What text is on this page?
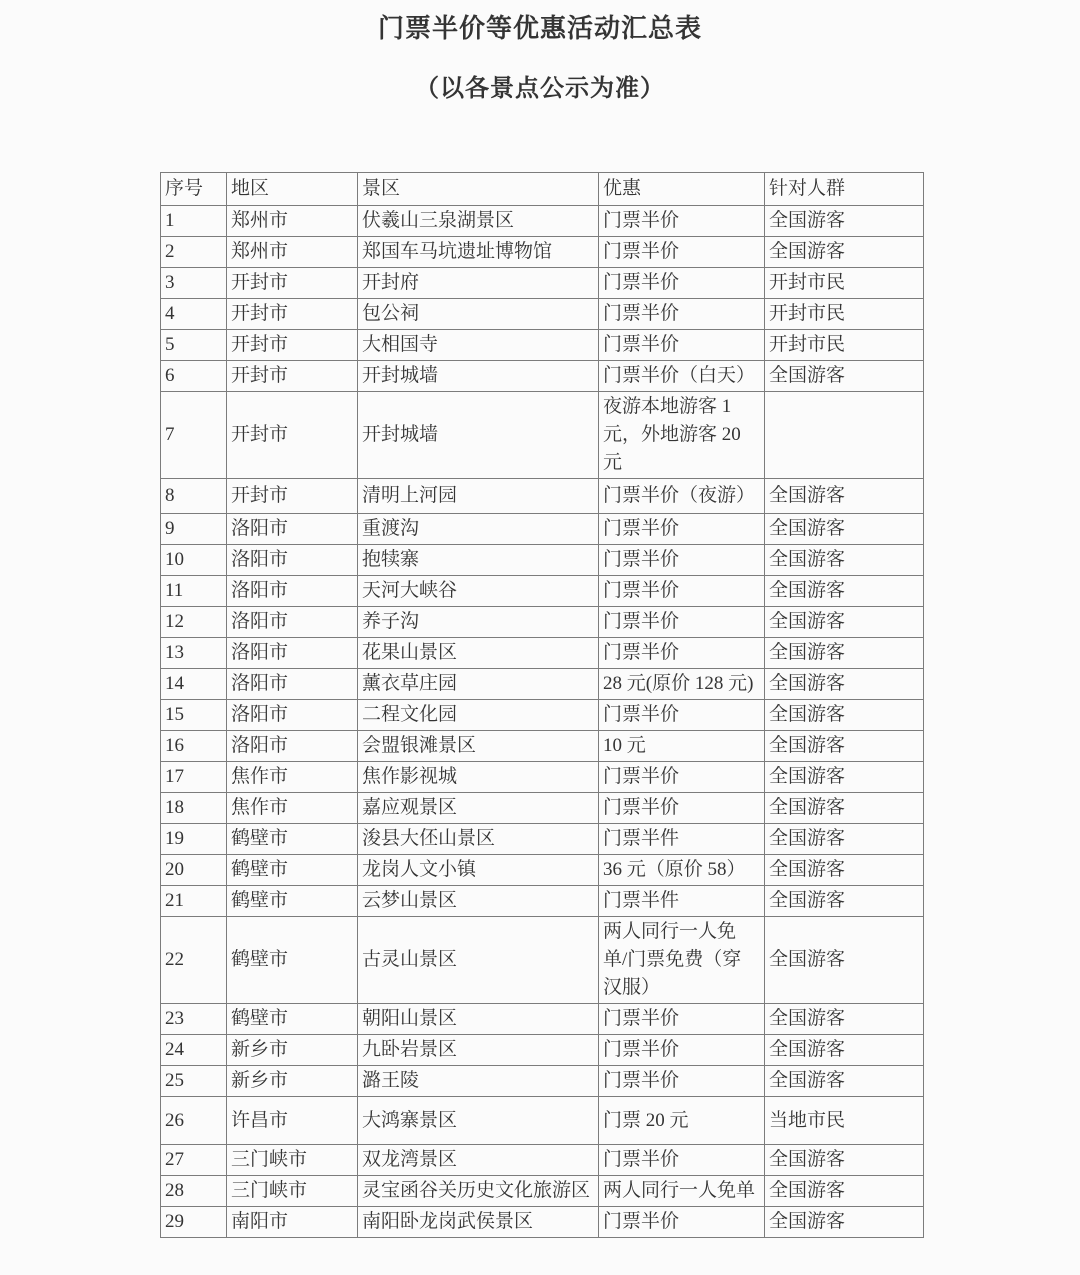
门票半价等优惠活动汇总表
（以各景点公示为准）
序号	地区	景区	优惠	针对人群
1	郑州市	伏羲山三泉湖景区	门票半价	全国游客
2	郑州市	郑国车马坑遗址博物馆	门票半价	全国游客
3	开封市	开封府	门票半价	开封市民
4	开封市	包公祠	门票半价	开封市民
5	开封市	大相国寺	门票半价	开封市民
6	开封市	开封城墙	门票半价（白天）	全国游客
7	开封市	开封城墙	夜游本地游客 1 元，外地游客 20 元	
8	开封市	清明上河园	门票半价（夜游）	全国游客
9	洛阳市	重渡沟	门票半价	全国游客
10	洛阳市	抱犊寨	门票半价	全国游客
11	洛阳市	天河大峡谷	门票半价	全国游客
12	洛阳市	养子沟	门票半价	全国游客
13	洛阳市	花果山景区	门票半价	全国游客
14	洛阳市	薰衣草庄园	28 元(原价 128 元)	全国游客
15	洛阳市	二程文化园	门票半价	全国游客
16	洛阳市	会盟银滩景区	10 元	全国游客
17	焦作市	焦作影视城	门票半价	全国游客
18	焦作市	嘉应观景区	门票半价	全国游客
19	鹤壁市	浚县大伾山景区	门票半件	全国游客
20	鹤壁市	龙岗人文小镇	36 元（原价 58）	全国游客
21	鹤壁市	云梦山景区	门票半件	全国游客
22	鹤壁市	古灵山景区	两人同行一人免单/门票免费（穿汉服）	全国游客
23	鹤壁市	朝阳山景区	门票半价	全国游客
24	新乡市	九卧岩景区	门票半价	全国游客
25	新乡市	潞王陵	门票半价	全国游客
26	许昌市	大鸿寨景区	门票 20 元	当地市民
27	三门峡市	双龙湾景区	门票半价	全国游客
28	三门峡市	灵宝函谷关历史文化旅游区	两人同行一人免单	全国游客
29	南阳市	南阳卧龙岗武侯景区	门票半价	全国游客
